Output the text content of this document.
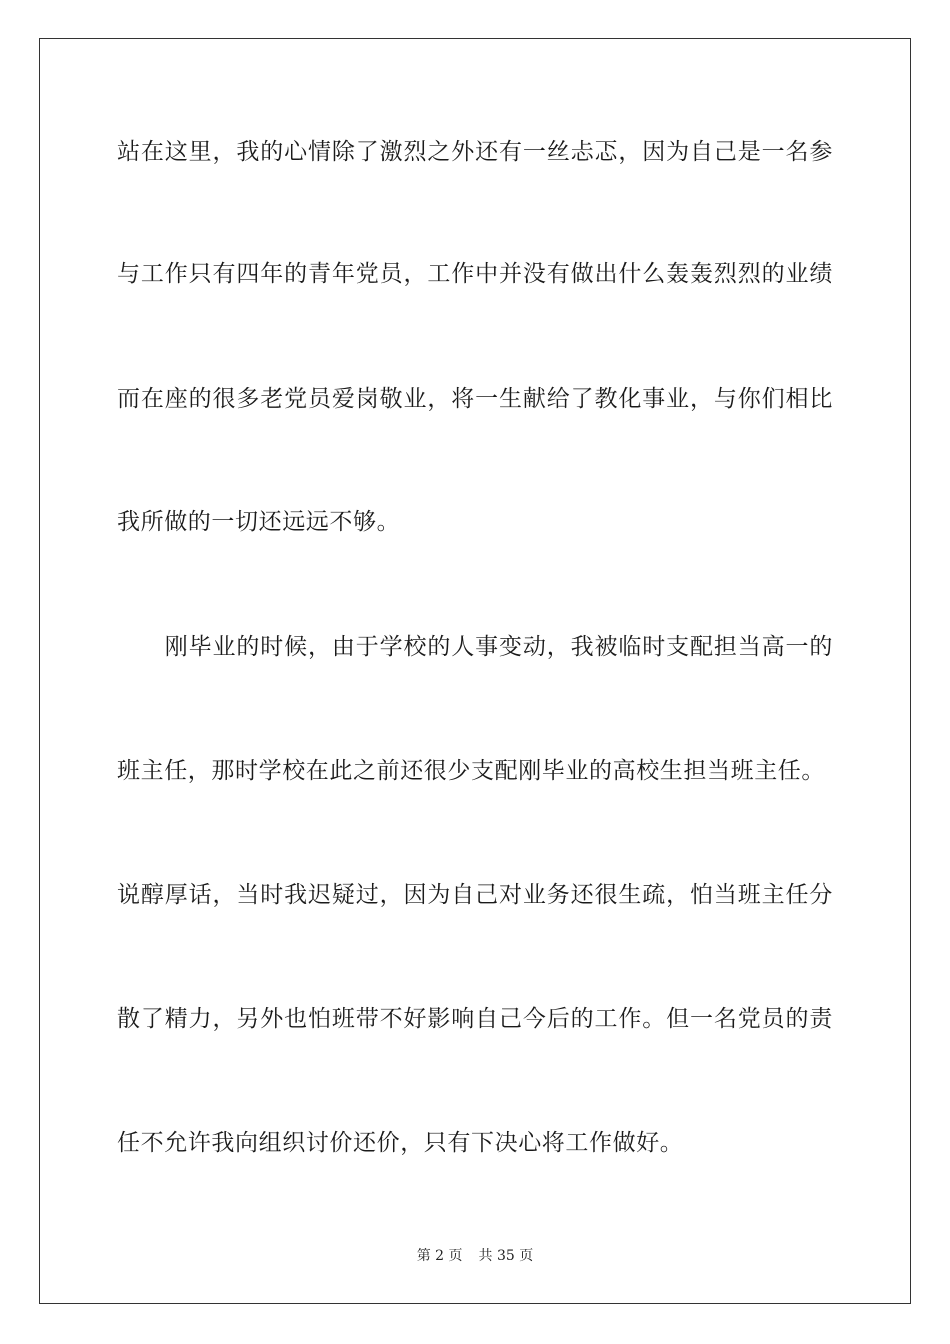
站在这里，我的心情除了激烈之外还有一丝忐忑，因为自己是一名参
与工作只有四年的青年党员，工作中并没有做出什么轰轰烈烈的业绩
而在座的很多老党员爱岗敬业，将一生献给了教化事业，与你们相比
我所做的一切还远远不够。
　　刚毕业的时候，由于学校的人事变动，我被临时支配担当高一的
班主任，那时学校在此之前还很少支配刚毕业的高校生担当班主任。
说醇厚话，当时我迟疑过，因为自己对业务还很生疏，怕当班主任分
散了精力，另外也怕班带不好影响自己今后的工作。但一名党员的责
任不允许我向组织讨价还价，只有下决心将工作做好。
第 2 页 共 35 页
